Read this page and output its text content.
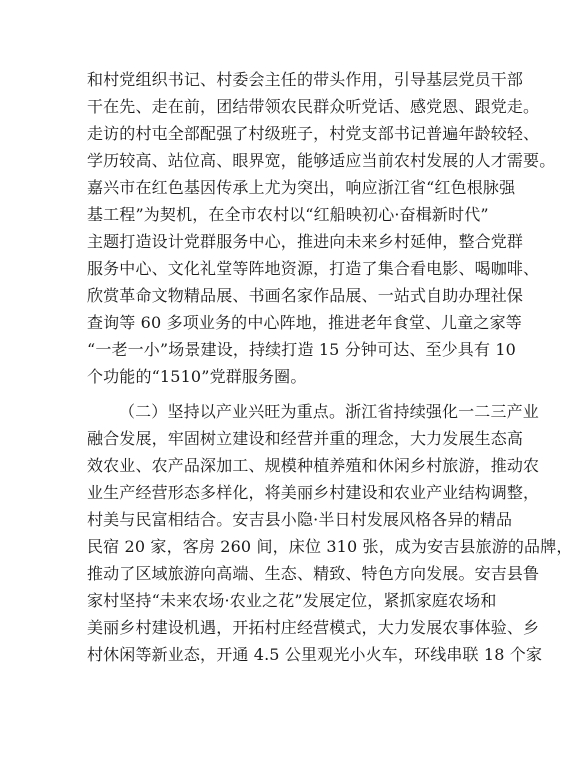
和村党组织书记、村委会主任的带头作用，引导基层党员干部
干在先、走在前，团结带领农民群众听党话、感党恩、跟党走。
走访的村屯全部配强了村级班子，村党支部书记普遍年龄较轻、
学历较高、站位高、眼界宽，能够适应当前农村发展的人才需要。
嘉兴市在红色基因传承上尤为突出，响应浙江省“红色根脉强
基工程”为契机，在全市农村以“红船映初心·奋楫新时代”
主题打造设计党群服务中心，推进向未来乡村延伸，整合党群
服务中心、文化礼堂等阵地资源，打造了集合看电影、喝咖啡、
欣赏革命文物精品展、书画名家作品展、一站式自助办理社保
查询等 60 多项业务的中心阵地，推进老年食堂、儿童之家等
“一老一小”场景建设，持续打造 15 分钟可达、至少具有 10
个功能的“1510”党群服务圈。
（二）坚持以产业兴旺为重点。浙江省持续强化一二三产业
融合发展，牢固树立建设和经营并重的理念，大力发展生态高
效农业、农产品深加工、规模种植养殖和休闲乡村旅游，推动农
业生产经营形态多样化，将美丽乡村建设和农业产业结构调整，
村美与民富相结合。安吉县小隐·半日村发展风格各异的精品
民宿 20 家，客房 260 间，床位 310 张，成为安吉县旅游的品牌，
推动了区域旅游向高端、生态、精致、特色方向发展。安吉县鲁
家村坚持“未来农场·农业之花”发展定位，紧抓家庭农场和
美丽乡村建设机遇，开拓村庄经营模式，大力发展农事体验、乡
村休闲等新业态，开通 4.5 公里观光小火车，环线串联 18 个家
